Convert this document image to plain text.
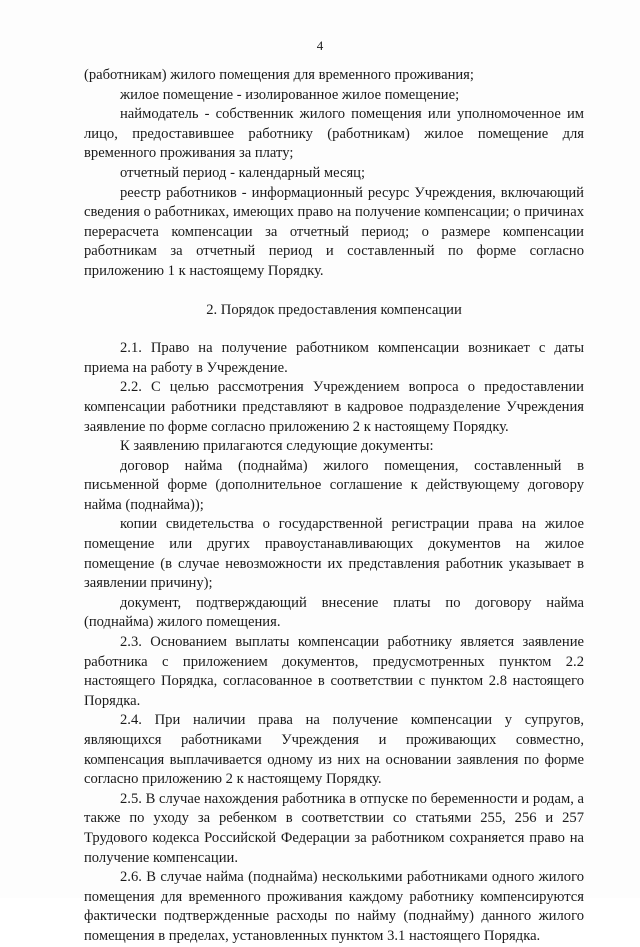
4

(работникам) жилого помещения для временного проживания;

жилое помещение - изолированное жилое помещение;

наймодатель - собственник жилого помещения или уполномоченное им лицо, предоставившее работнику (работникам) жилое помещение для временного проживания за плату;

отчетный период - календарный месяц;

реестр работников - информационный ресурс Учреждения, включающий сведения о работниках, имеющих право на получение компенсации; о причинах перерасчета компенсации за отчетный период; о размере компенсации работникам за отчетный период и составленный по форме согласно приложению 1 к настоящему Порядку.

2. Порядок предоставления компенсации

2.1. Право на получение работником компенсации возникает с даты приема на работу в Учреждение.

2.2. С целью рассмотрения Учреждением вопроса о предоставлении компенсации работники представляют в кадровое подразделение Учреждения заявление по форме согласно приложению 2 к настоящему Порядку.

К заявлению прилагаются следующие документы:

договор найма (поднайма) жилого помещения, составленный в письменной форме (дополнительное соглашение к действующему договору найма (поднайма));

копии свидетельства о государственной регистрации права на жилое помещение или других правоустанавливающих документов на жилое помещение (в случае невозможности их представления работник указывает в заявлении причину);

документ, подтверждающий внесение платы по договору найма (поднайма) жилого помещения.

2.3. Основанием выплаты компенсации работнику является заявление работника с приложением документов, предусмотренных пунктом 2.2 настоящего Порядка, согласованное в соответствии с пунктом 2.8 настоящего Порядка.

2.4. При наличии права на получение компенсации у супругов, являющихся работниками Учреждения и проживающих совместно, компенсация выплачивается одному из них на основании заявления по форме согласно приложению 2 к настоящему Порядку.

2.5. В случае нахождения работника в отпуске по беременности и родам, а также по уходу за ребенком в соответствии со статьями 255, 256 и 257 Трудового кодекса Российской Федерации за работником сохраняется право на получение компенсации.

2.6. В случае найма (поднайма) несколькими работниками одного жилого помещения для временного проживания каждому работнику компенсируются фактически подтвержденные расходы по найму (поднайму) данного жилого помещения в пределах, установленных пунктом 3.1 настоящего Порядка.
